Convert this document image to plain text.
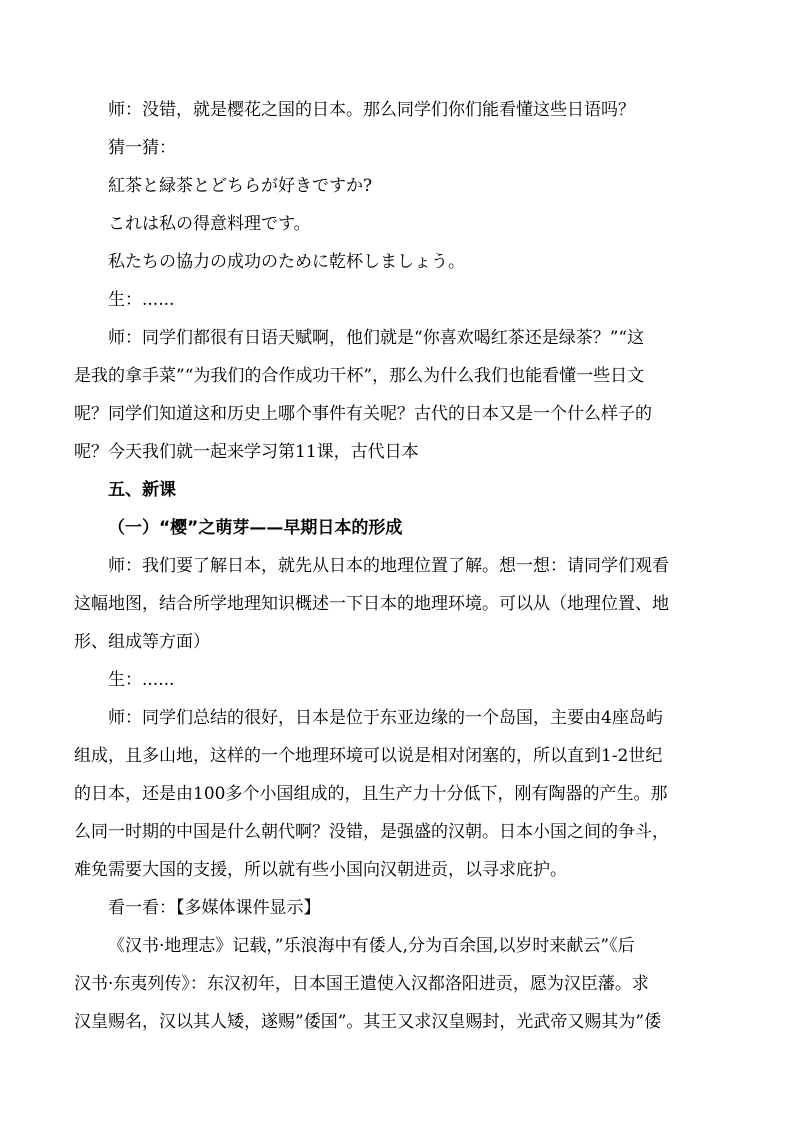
师：没错，就是樱花之国的日本。那么同学们你们能看懂这些日语吗？
猜一猜：
紅茶と緑茶とどちらが好きですか?
これは私の得意料理です。
私たちの協力の成功のために乾杯しましょう。
生：......
师：同学们都很有日语天赋啊，他们就是“你喜欢喝红茶还是绿茶？”“这
是我的拿手菜”“为我们的合作成功干杯”，那么为什么我们也能看懂一些日文
呢？同学们知道这和历史上哪个事件有关呢？古代的日本又是一个什么样子的
呢？今天我们就一起来学习第11课，古代日本
五、新课
（一）“樱”之萌芽——早期日本的形成
师：我们要了解日本，就先从日本的地理位置了解。想一想：请同学们观看
这幅地图，结合所学地理知识概述一下日本的地理环境。可以从（地理位置、地
形、组成等方面）
生：......
师：同学们总结的很好，日本是位于东亚边缘的一个岛国，主要由4座岛屿
组成，且多山地，这样的一个地理环境可以说是相对闭塞的，所以直到1-2世纪
的日本，还是由100多个小国组成的，且生产力十分低下，刚有陶器的产生。那
么同一时期的中国是什么朝代啊？没错，是强盛的汉朝。日本小国之间的争斗，
难免需要大国的支援，所以就有些小国向汉朝进贡，以寻求庇护。
看一看：【多媒体课件显示】
《汉书·地理志》记载，”乐浪海中有倭人,分为百余国,以岁时来献云”《后
汉书·东夷列传》：东汉初年，日本国王遣使入汉都洛阳进贡，愿为汉臣藩。求
汉皇赐名，汉以其人矮，遂赐”倭国”。其王又求汉皇赐封，光武帝又赐其为”倭
